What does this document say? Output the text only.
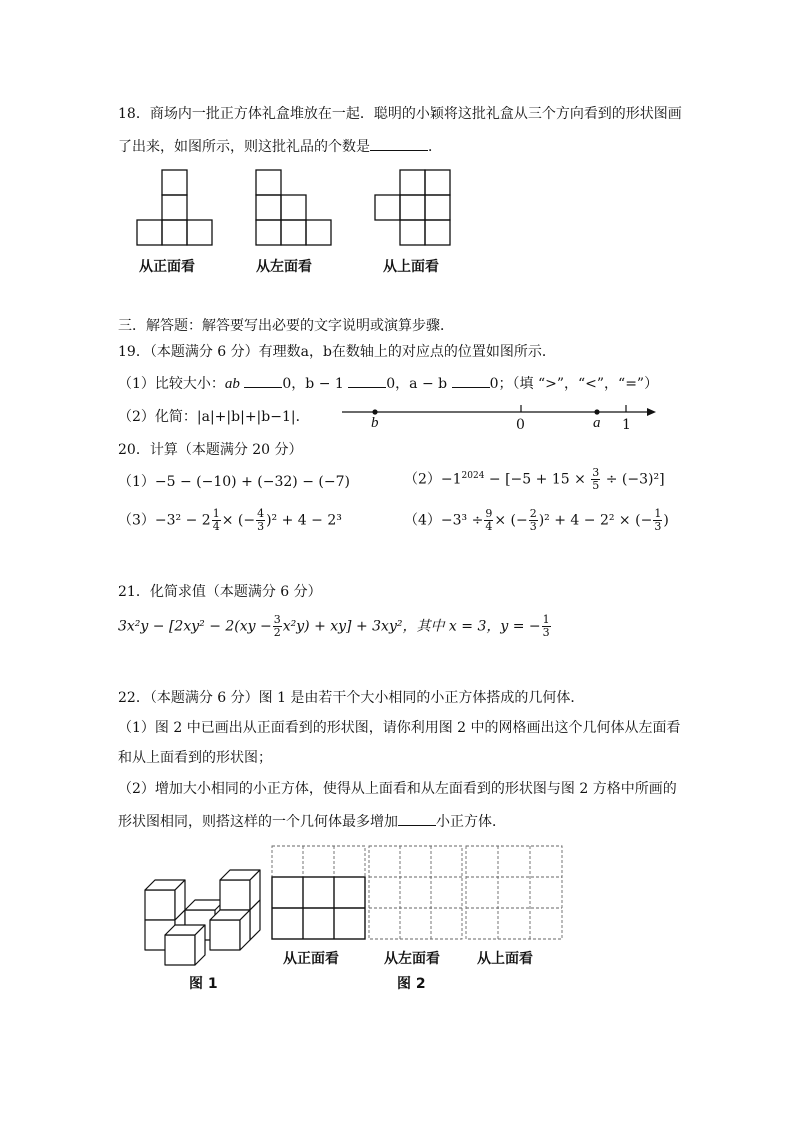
18．商场内一批正方体礼盒堆放在一起．聪明的小颖将这批礼盒从三个方向看到的形状图画
了出来，如图所示，则这批礼品的个数是	．
从正面看	从左面看	从上面看
三．解答题：解答要写出必要的文字说明或演算步骤．
19．（本题满分 6 分）有理数a，b在数轴上的对应点的位置如图所示．
（1）比较大小：ab	0，b − 1	0，a − b	0；（填 “>”，“<”，“=”）
（2）化简：|a|+|b|+|b−1|．	b	0	a 1
20．计算（本题满分 20 分）
（1）−5 − (−10) + (−32) − (−7)	$(2)-1^{2024} - [-5 + 15 \times \frac{3}{5} \div (-3)^2]$
$(3)-3^2 - 2 \frac{1}{4}$ × (− $\frac{4}{3} )^2 + 4 - 2^3$	$(4)-3^3 \div \frac{9}{4}$ × (− $\frac{2}{3} )^2 + 4 - 2^2$ × (− $\frac{1}{3}$ )
21．化简求值（本题满分 6 分）
$3x^2y - [2xy^2 - 2(xy - \frac{3}{2} x^2y) + xy] + 3xy^2$，其中 x = 3，y = − $\frac{1}{3}$
22．（本题满分 6 分）图 1 是由若干个大小相同的小正方体搭成的几何体．
（1）图 2 中已画出从正面看到的形状图，请你利用图 2 中的网格画出这个几何体从左面看
和从上面看到的形状图；
（2）增加大小相同的小正方体，使得从上面看和从左面看到的形状图与图 2 方格中所画的
形状图相同，则搭这样的一个几何体最多增加	小正方体．
从正面看	从左面看	从上面看
图 1	图 2
